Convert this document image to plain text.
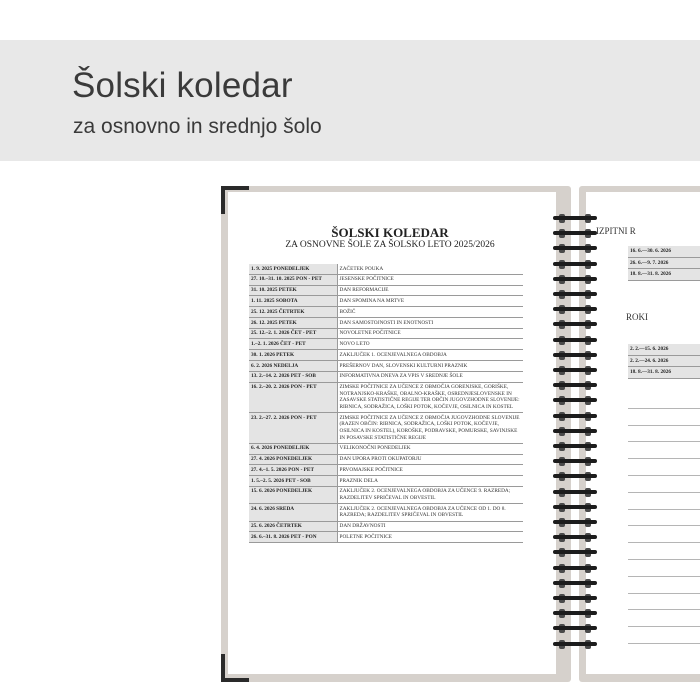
Šolski koledar
za osnovno in srednjo šolo
ŠOLSKI KOLEDAR
ZA OSNOVNE ŠOLE ZA ŠOLSKO LETO 2025/2026
1. 9. 2025 PONEDELJEK	ZAČETEK POUKA
27. 10.–31. 10. 2025 PON - PET	JESENSKE POČITNICE
31. 10. 2025 PETEK	DAN REFORMACIJE
1. 11. 2025 SOBOTA	DAN SPOMINA NA MRTVE
25. 12. 2025 ČETRTEK	BOŽIČ
26. 12. 2025 PETEK	DAN SAMOSTOJNOSTI IN ENOTNOSTI
25. 12.–2. 1. 2026 ČET - PET	NOVOLETNE POČITNICE
1.–2. 1. 2026 ČET - PET	NOVO LETO
30. 1. 2026 PETEK	ZAKLJUČEK 1. OCENJEVALNEGA OBDOBJA
6. 2. 2026 NEDELJA	PREŠERNOV DAN, SLOVENSKI KULTURNI PRAZNIK
13. 2.–14. 2. 2026 PET - SOB	INFORMATIVNA DNEVA ZA VPIS V SREDNJE ŠOLE
16. 2.–20. 2. 2026 PON - PET	ZIMSKE POČITNICE ZA UČENCE Z OBMOČJA GORENJSKE, GORIŠKE, NOTRANJSKO-KRAŠKE, OBALNO-KRAŠKE, OSREDNJESLOVENSKE IN ZASAVSKE STATISTIČNE REGIJE TER OBČIN JUGOVZHODNE SLOVENIJE: RIBNICA, SODRAŽICA, LOŠKI POTOK, KOČEVJE, OSILNICA IN KOSTEL
23. 2.–27. 2. 2026 PON - PET	ZIMSKE POČITNICE ZA UČENCE Z OBMOČJA JUGOVZHODNE SLOVENIJE (RAZEN OBČIN: RIBNICA, SODRAŽICA, LOŠKI POTOK, KOČEVJE, OSILNICA IN KOSTEL), KOROŠKE, PODRAVSKE, POMURSKE, SAVINJSKE IN POSAVSKE STATISTIČNE REGIJE
6. 4. 2026 PONEDELJEK	VELIKONOČNI PONEDELJEK
27. 4. 2026 PONEDELJEK	DAN UPORA PROTI OKUPATORJU
27. 4.–1. 5. 2026 PON - PET	PRVOMAJSKE POČITNICE
1. 5.–2. 5. 2026 PET - SOB	PRAZNIK DELA
15. 6. 2026 PONEDELJEK	ZAKLJUČEK 2. OCENJEVALNEGA OBDOBJA ZA UČENCE 9. RAZREDA; RAZDELITEV SPRIČEVAL IN OBVESTIL
24. 6. 2026 SREDA	ZAKLJUČEK 2. OCENJEVALNEGA OBDOBJA ZA UČENCE OD 1. DO 8. RAZREDA; RAZDELITEV SPRIČEVAL IN OBVESTIL
25. 6. 2026 ČETRTEK	DAN DRŽAVNOSTI
26. 6.–31. 8. 2026 PET - PON	POLETNE POČITNICE
IZPITNI R
16. 6.—30. 6. 2026
26. 6.—9. 7. 2026
18. 8.—31. 8. 2026
ROKI
2. 2.—15. 6. 2026
2. 2.—24. 6. 2026
18. 8.—31. 8. 2026
